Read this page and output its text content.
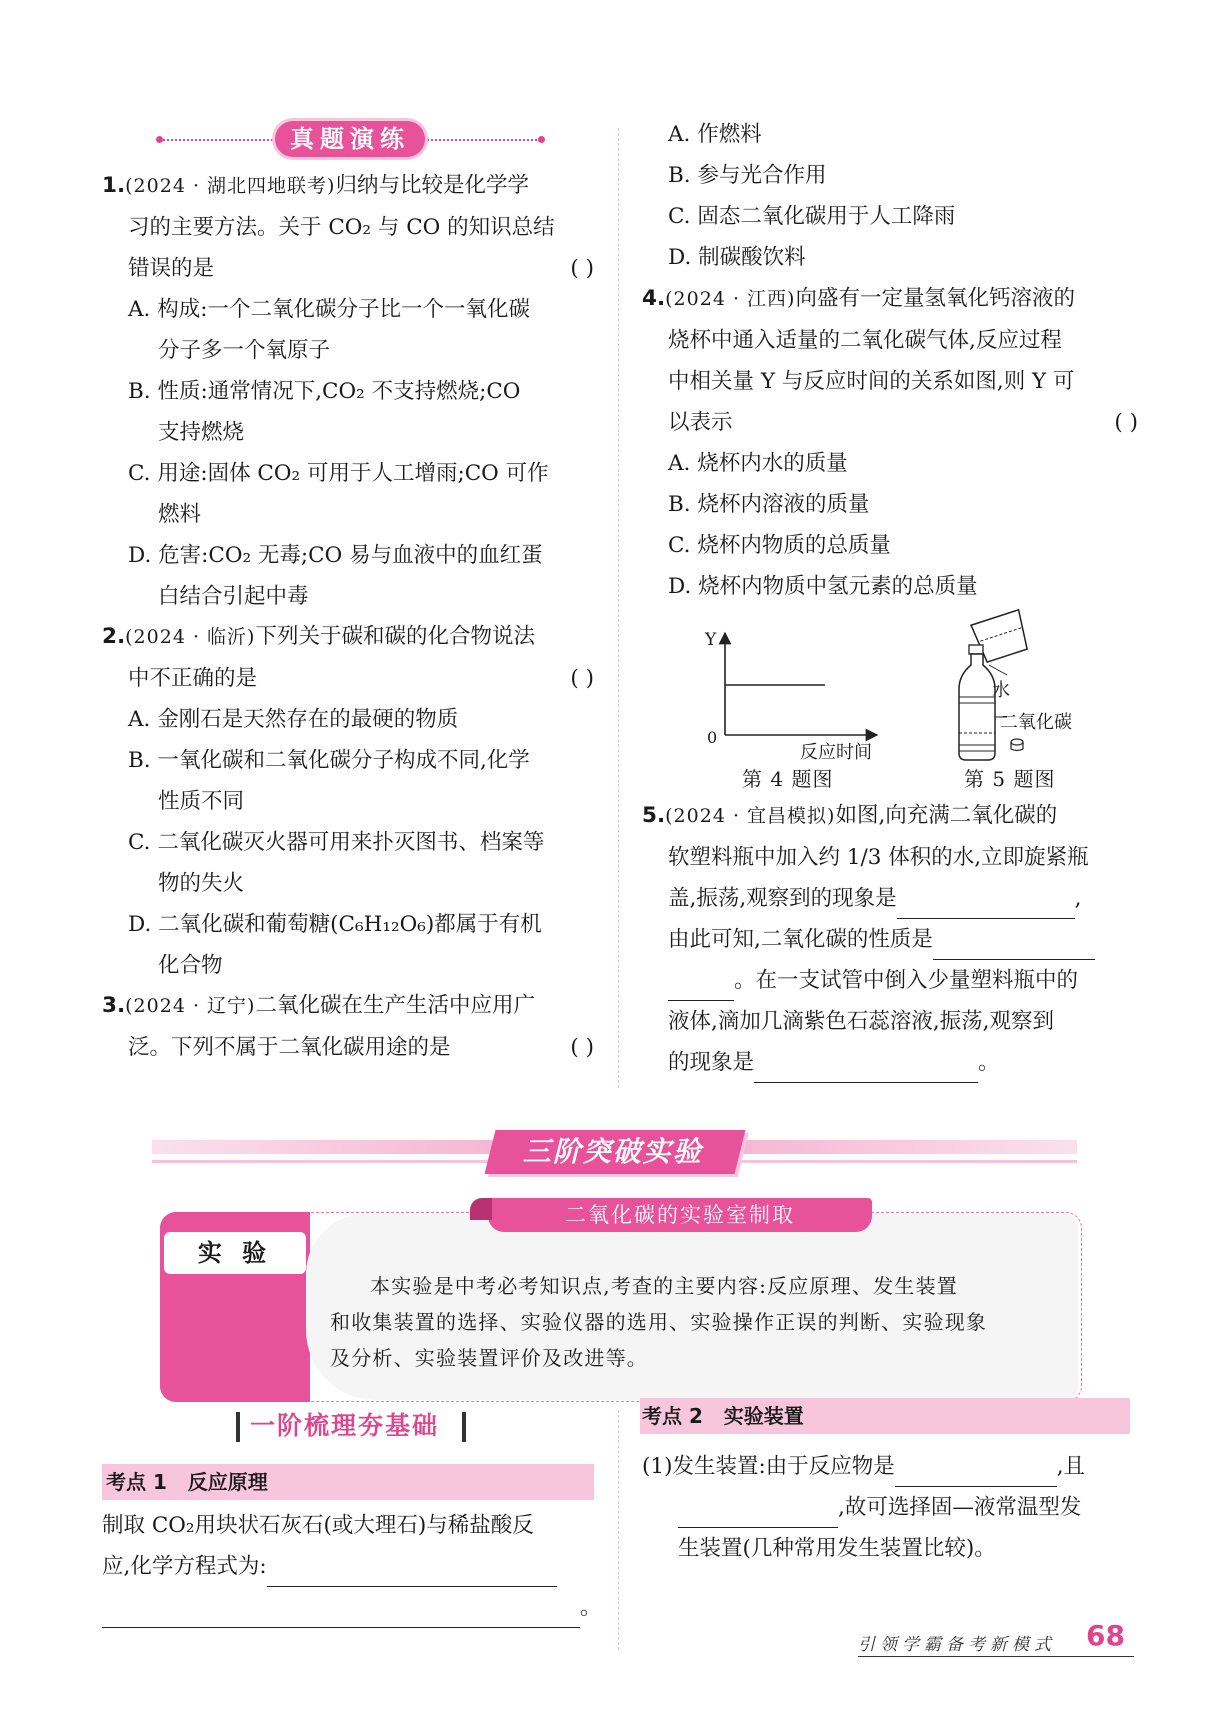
真题演练
1.(2024 · 湖北四地联考)归纳与比较是化学学
习的主要方法。关于 CO₂ 与 CO 的知识总结
错误的是	( )
A. 构成:一个二氧化碳分子比一个一氧化碳
分子多一个氧原子
B. 性质:通常情况下,CO₂ 不支持燃烧;CO
支持燃烧
C. 用途:固体 CO₂ 可用于人工增雨;CO 可作
燃料
D. 危害:CO₂ 无毒;CO 易与血液中的血红蛋
白结合引起中毒
2.(2024 · 临沂)下列关于碳和碳的化合物说法
中不正确的是	( )
A. 金刚石是天然存在的最硬的物质
B. 一氧化碳和二氧化碳分子构成不同,化学
性质不同
C. 二氧化碳灭火器可用来扑灭图书、档案等
物的失火
D. 二氧化碳和葡萄糖(C₆H₁₂O₆)都属于有机
化合物
3.(2024 · 辽宁)二氧化碳在生产生活中应用广
泛。下列不属于二氧化碳用途的是	( )
A. 作燃料
B. 参与光合作用
C. 固态二氧化碳用于人工降雨
D. 制碳酸饮料
4.(2024 · 江西)向盛有一定量氢氧化钙溶液的
烧杯中通入适量的二氧化碳气体,反应过程
中相关量 Y 与反应时间的关系如图,则 Y 可
以表示	( )
A. 烧杯内水的质量
B. 烧杯内溶液的质量
C. 烧杯内物质的总质量
D. 烧杯内物质中氢元素的总质量
Y
0
反应时间
第 4 题图
水
二氧化碳
第 5 题图
5.(2024 · 宜昌模拟)如图,向充满二氧化碳的
软塑料瓶中加入约 1/3 体积的水,立即旋紧瓶
盖,振荡,观察到的现象是	,
由此可知,二氧化碳的性质是
。在一支试管中倒入少量塑料瓶中的
液体,滴加几滴紫色石蕊溶液,振荡,观察到
的现象是	。
三阶突破实验
实 验
二氧化碳的实验室制取
本实验是中考必考知识点,考查的主要内容:反应原理、发生装置
和收集装置的选择、实验仪器的选用、实验操作正误的判断、实验现象
及分析、实验装置评价及改进等。
一阶梳理夯基础
考点 1   反应原理
制取 CO₂用块状石灰石(或大理石)与稀盐酸反
应,化学方程式为:
。
考点 2   实验装置
(1)发生装置:由于反应物是	,且
,故可选择固—液常温型发
生装置(几种常用发生装置比较)。
引领学霸备考新模式 68
